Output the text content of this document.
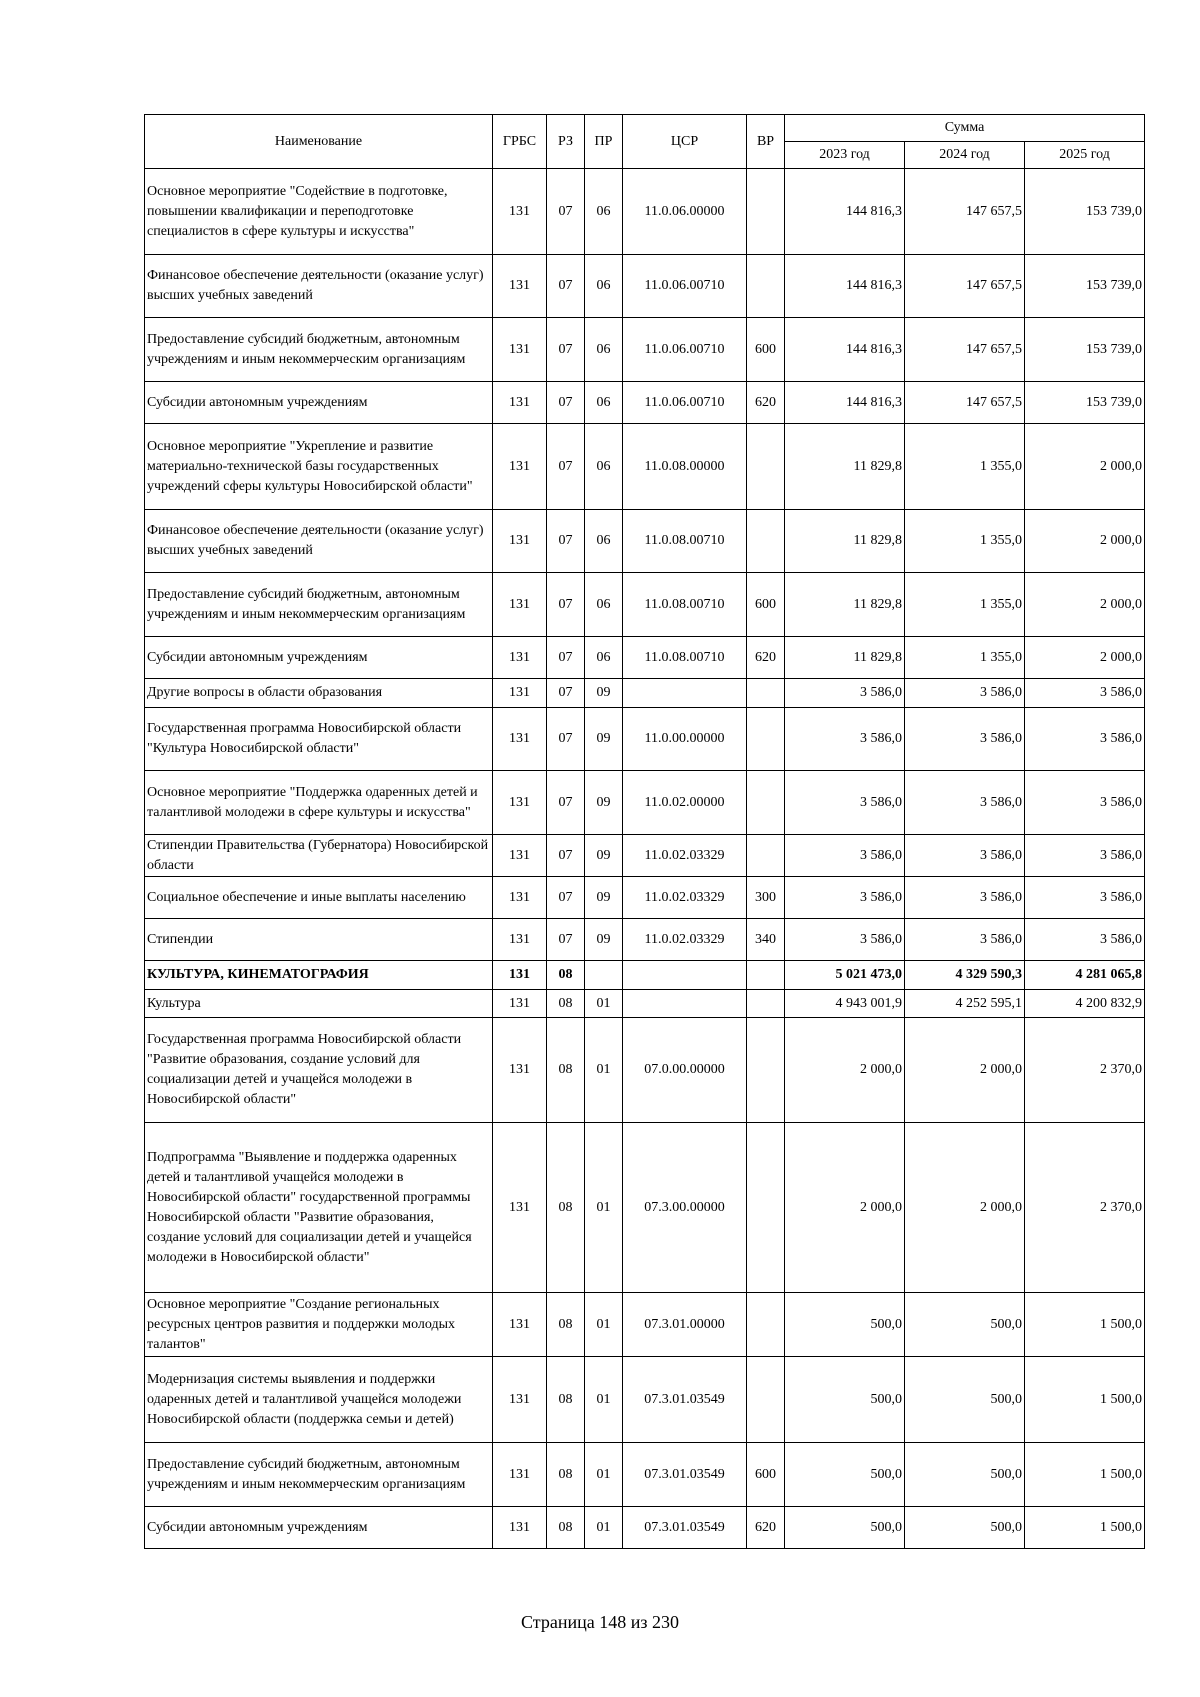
Наименование	ГРБС	РЗ	ПР	ЦСР	ВР	Сумма		
						2023 год	2024 год	2025 год
Основное мероприятие "Содействие в подготовке, повышении квалификации и переподготовке специалистов в сфере культуры и искусства"	131	07	06	11.0.06.00000		144 816,3	147 657,5	153 739,0
Финансовое обеспечение деятельности (оказание услуг) высших учебных заведений	131	07	06	11.0.06.00710		144 816,3	147 657,5	153 739,0
Предоставление субсидий бюджетным, автономным учреждениям и иным некоммерческим организациям	131	07	06	11.0.06.00710	600	144 816,3	147 657,5	153 739,0
Субсидии автономным учреждениям	131	07	06	11.0.06.00710	620	144 816,3	147 657,5	153 739,0
Основное мероприятие "Укрепление и развитие материально-технической базы государственных учреждений сферы культуры Новосибирской области"	131	07	06	11.0.08.00000		11 829,8	1 355,0	2 000,0
Финансовое обеспечение деятельности (оказание услуг) высших учебных заведений	131	07	06	11.0.08.00710		11 829,8	1 355,0	2 000,0
Предоставление субсидий бюджетным, автономным учреждениям и иным некоммерческим организациям	131	07	06	11.0.08.00710	600	11 829,8	1 355,0	2 000,0
Субсидии автономным учреждениям	131	07	06	11.0.08.00710	620	11 829,8	1 355,0	2 000,0
Другие вопросы в области образования	131	07	09			3 586,0	3 586,0	3 586,0
Государственная программа Новосибирской области "Культура Новосибирской области"	131	07	09	11.0.00.00000		3 586,0	3 586,0	3 586,0
Основное мероприятие "Поддержка одаренных детей и талантливой молодежи в сфере культуры и искусства"	131	07	09	11.0.02.00000		3 586,0	3 586,0	3 586,0
Стипендии Правительства (Губернатора) Новосибирской области	131	07	09	11.0.02.03329		3 586,0	3 586,0	3 586,0
Социальное обеспечение и иные выплаты населению	131	07	09	11.0.02.03329	300	3 586,0	3 586,0	3 586,0
Стипендии	131	07	09	11.0.02.03329	340	3 586,0	3 586,0	3 586,0
КУЛЬТУРА, КИНЕМАТОГРАФИЯ	131	08				5 021 473,0	4 329 590,3	4 281 065,8
Культура	131	08	01			4 943 001,9	4 252 595,1	4 200 832,9
Государственная программа Новосибирской области "Развитие образования, создание условий для социализации детей и учащейся молодежи в Новосибирской области"	131	08	01	07.0.00.00000		2 000,0	2 000,0	2 370,0
Подпрограмма "Выявление и поддержка одаренных детей и талантливой учащейся молодежи в Новосибирской области" государственной программы Новосибирской области "Развитие образования, создание условий для социализации детей и учащейся молодежи в Новосибирской области"	131	08	01	07.3.00.00000		2 000,0	2 000,0	2 370,0
Основное мероприятие "Создание региональных ресурсных центров развития и поддержки молодых талантов"	131	08	01	07.3.01.00000		500,0	500,0	1 500,0
Модернизация системы выявления и поддержки одаренных детей и талантливой учащейся молодежи Новосибирской области (поддержка семьи и детей)	131	08	01	07.3.01.03549		500,0	500,0	1 500,0
Предоставление субсидий бюджетным, автономным учреждениям и иным некоммерческим организациям	131	08	01	07.3.01.03549	600	500,0	500,0	1 500,0
Субсидии автономным учреждениям	131	08	01	07.3.01.03549	620	500,0	500,0	1 500,0
Страница 148 из 230
